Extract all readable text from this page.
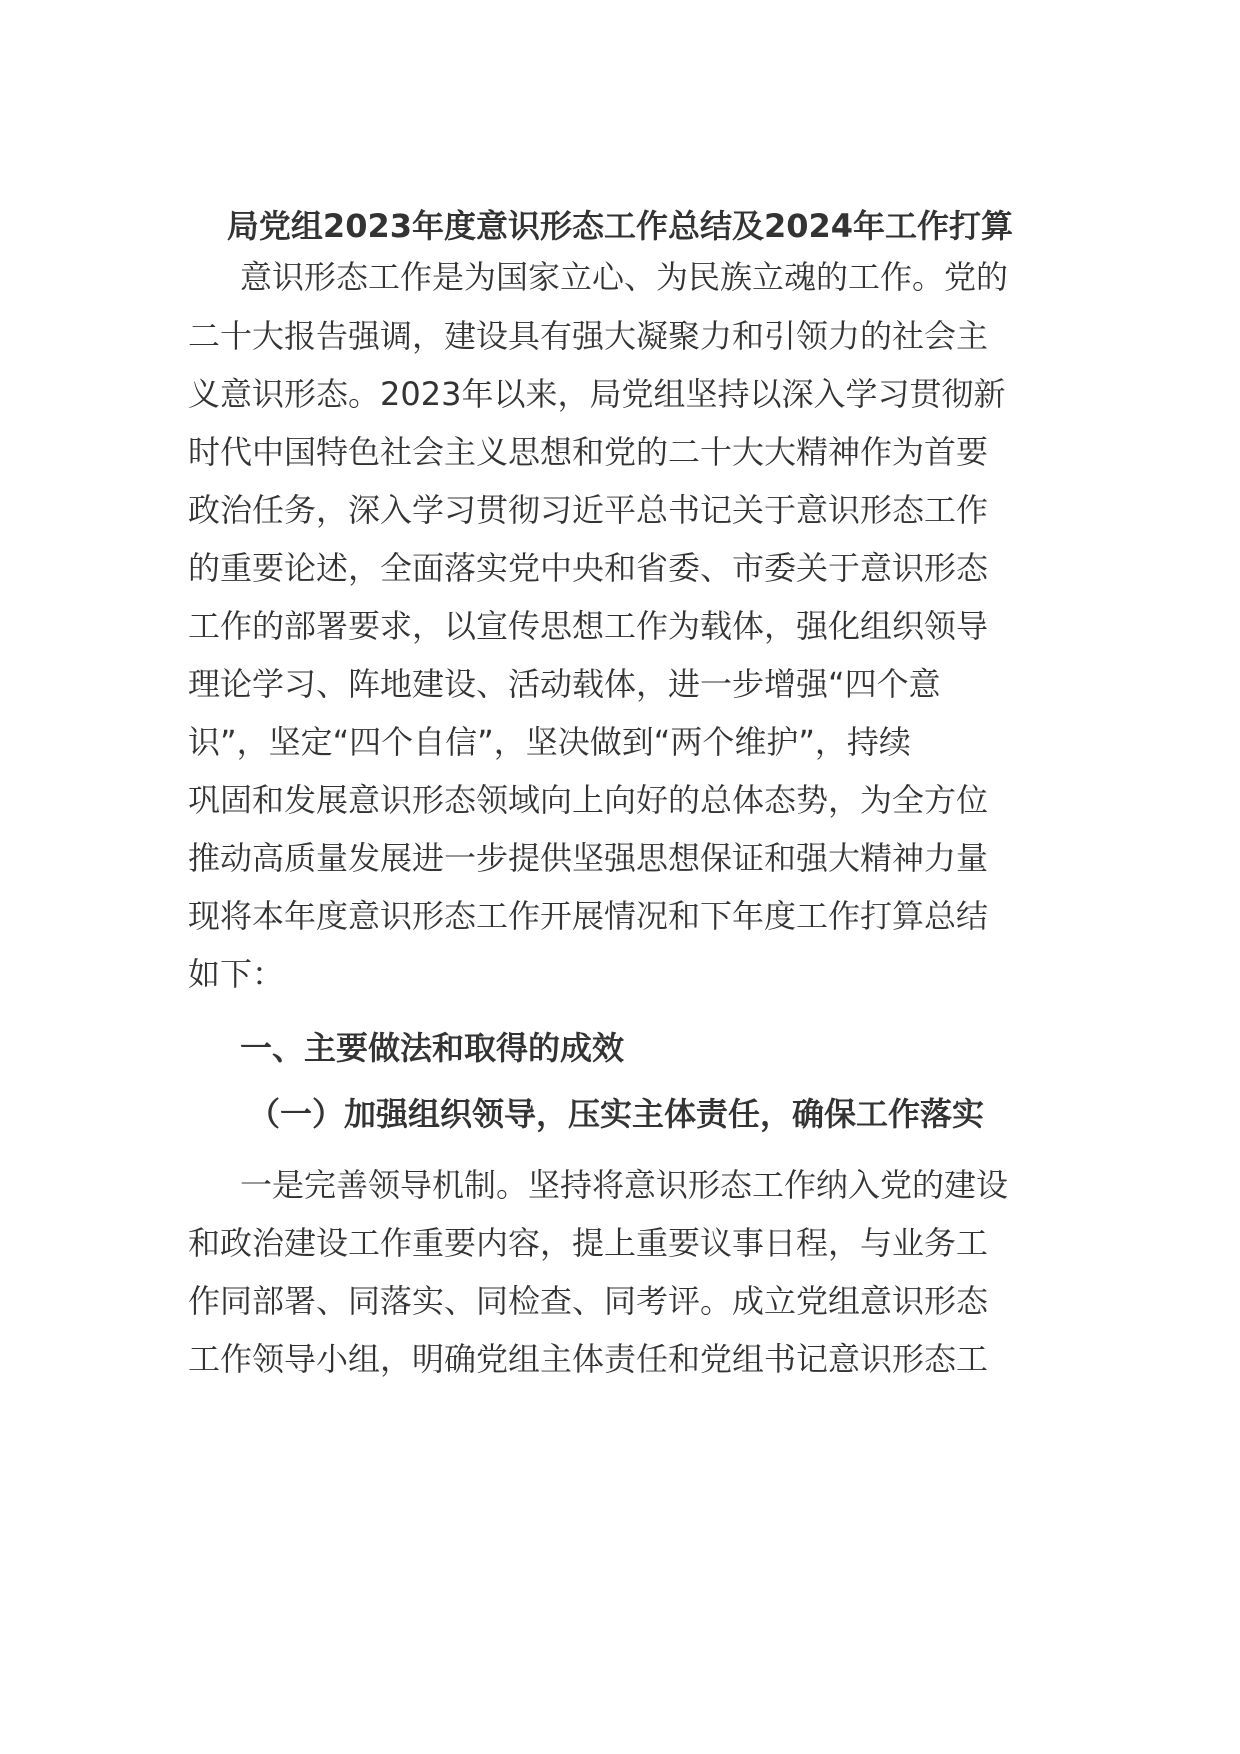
局党组2023年度意识形态工作总结及2024年工作打算
意识形态工作是为国家立心、为民族立魂的工作。党的
二十大报告强调，建设具有强大凝聚力和引领力的社会主
义意识形态。2023年以来，局党组坚持以深入学习贯彻新
时代中国特色社会主义思想和党的二十大大精神作为首要
政治任务，深入学习贯彻习近平总书记关于意识形态工作
的重要论述，全面落实党中央和省委、市委关于意识形态
工作的部署要求，以宣传思想工作为载体，强化组织领导
理论学习、阵地建设、活动载体，进一步增强“四个意
识”，坚定“四个自信”，坚决做到“两个维护”，持续
巩固和发展意识形态领域向上向好的总体态势，为全方位
推动高质量发展进一步提供坚强思想保证和强大精神力量
现将本年度意识形态工作开展情况和下年度工作打算总结
如下：
一、主要做法和取得的成效
（一）加强组织领导，压实主体责任，确保工作落实
一是完善领导机制。坚持将意识形态工作纳入党的建设
和政治建设工作重要内容，提上重要议事日程，与业务工
作同部署、同落实、同检查、同考评。成立党组意识形态
工作领导小组，明确党组主体责任和党组书记意识形态工
